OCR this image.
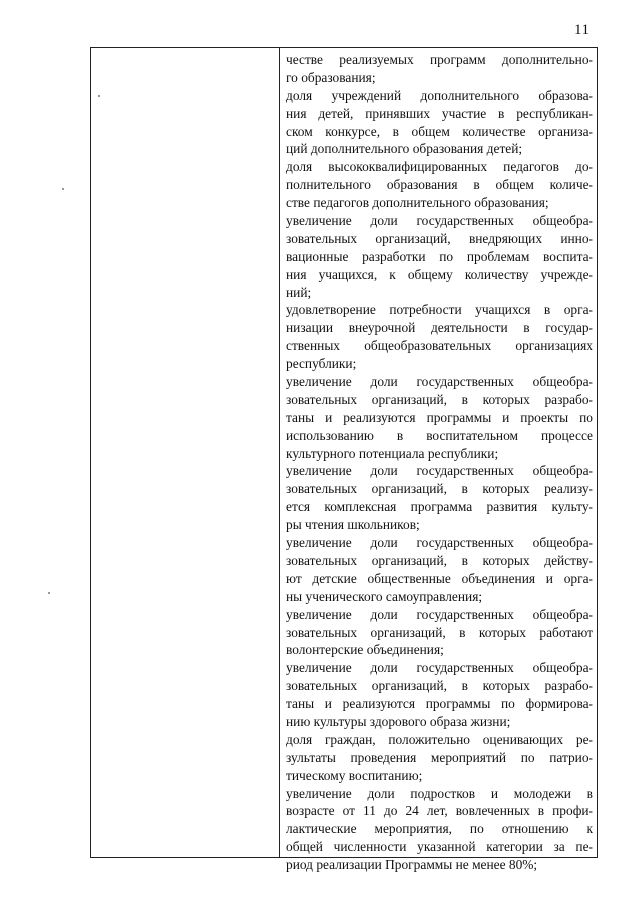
11
честве реализуемых программ дополнительно-
го образования;
доля учреждений дополнительного образова-
ния детей, принявших участие в республикан-
ском конкурсе, в общем количестве организа-
ций дополнительного образования детей;
доля высококвалифицированных педагогов до-
полнительного образования в общем количе-
стве педагогов дополнительного образования;
увеличение доли государственных общеобра-
зовательных организаций, внедряющих инно-
вационные разработки по проблемам воспита-
ния учащихся, к общему количеству учрежде-
ний;
удовлетворение потребности учащихся в орга-
низации внеурочной деятельности в государ-
ственных общеобразовательных организациях
республики;
увеличение доли государственных общеобра-
зовательных организаций, в которых разрабо-
таны и реализуются программы и проекты по
использованию в воспитательном процессе
культурного потенциала республики;
увеличение доли государственных общеобра-
зовательных организаций, в которых реализу-
ется комплексная программа развития культу-
ры чтения школьников;
увеличение доли государственных общеобра-
зовательных организаций, в которых действу-
ют детские общественные объединения и орга-
ны ученического самоуправления;
увеличение доли государственных общеобра-
зовательных организаций, в которых работают
волонтерские объединения;
увеличение доли государственных общеобра-
зовательных организаций, в которых разрабо-
таны и реализуются программы по формирова-
нию культуры здорового образа жизни;
доля граждан, положительно оценивающих ре-
зультаты проведения мероприятий по патрио-
тическому воспитанию;
увеличение доли подростков и молодежи в
возрасте от 11 до 24 лет, вовлеченных в профи-
лактические мероприятия, по отношению к
общей численности указанной категории за пе-
риод реализации Программы не менее 80%;
